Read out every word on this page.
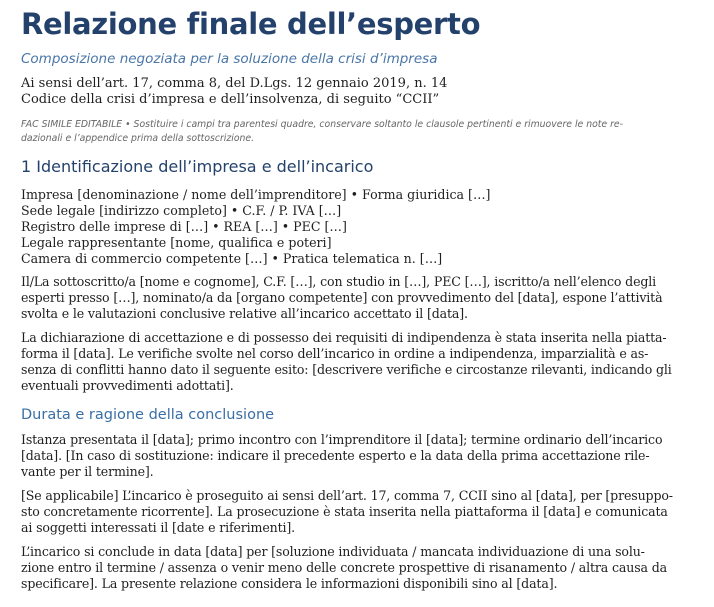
Relazione finale dell’esperto
Composizione negoziata per la soluzione della crisi d’impresa
Ai sensi dell’art. 17, comma 8, del D.Lgs. 12 gennaio 2019, n. 14
Codice della crisi d’impresa e dell’insolvenza, di seguito “CCII”
FAC SIMILE EDITABILE • Sostituire i campi tra parentesi quadre, conservare soltanto le clausole pertinenti e rimuovere le note re-
dazionali e l’appendice prima della sottoscrizione.
1 Identificazione dell’impresa e dell’incarico
Impresa [denominazione / nome dell’imprenditore] • Forma giuridica […]
Sede legale [indirizzo completo] • C.F. / P. IVA […]
Registro delle imprese di […] • REA […] • PEC […]
Legale rappresentante [nome, qualifica e poteri]
Camera di commercio competente […] • Pratica telematica n. […]
Il/La sottoscritto/a [nome e cognome], C.F. […], con studio in […], PEC […], iscritto/a nell’elenco degli
esperti presso […], nominato/a da [organo competente] con provvedimento del [data], espone l’attività
svolta e le valutazioni conclusive relative all’incarico accettato il [data].
La dichiarazione di accettazione e di possesso dei requisiti di indipendenza è stata inserita nella piatta-
forma il [data]. Le verifiche svolte nel corso dell’incarico in ordine a indipendenza, imparzialità e as-
senza di conflitti hanno dato il seguente esito: [descrivere verifiche e circostanze rilevanti, indicando gli
eventuali provvedimenti adottati].
Durata e ragione della conclusione
Istanza presentata il [data]; primo incontro con l’imprenditore il [data]; termine ordinario dell’incarico
[data]. [In caso di sostituzione: indicare il precedente esperto e la data della prima accettazione rile-
vante per il termine].
[Se applicabile] L’incarico è proseguito ai sensi dell’art. 17, comma 7, CCII sino al [data], per [presuppo-
sto concretamente ricorrente]. La prosecuzione è stata inserita nella piattaforma il [data] e comunicata
ai soggetti interessati il [date e riferimenti].
L’incarico si conclude in data [data] per [soluzione individuata / mancata individuazione di una solu-
zione entro il termine / assenza o venir meno delle concrete prospettive di risanamento / altra causa da
specificare]. La presente relazione considera le informazioni disponibili sino al [data].
